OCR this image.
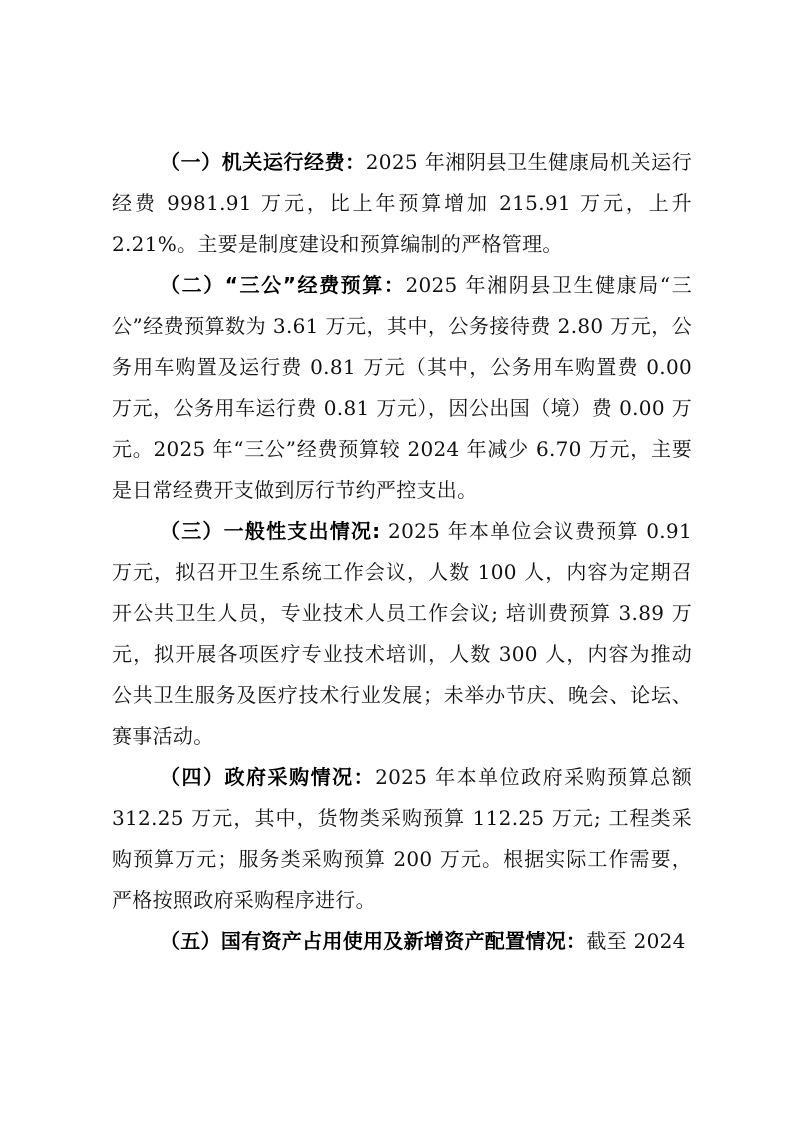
（一）机关运行经费：2025 年湘阴县卫生健康局机关运行经费 9981.91 万元，比上年预算增加 215.91 万元，上升 2.21%。主要是制度建设和预算编制的严格管理。

（二）“三公”经费预算：2025 年湘阴县卫生健康局“三公”经费预算数为 3.61 万元，其中，公务接待费 2.80 万元，公务用车购置及运行费 0.81 万元（其中，公务用车购置费 0.00 万元，公务用车运行费 0.81 万元），因公出国（境）费 0.00 万元。2025 年“三公”经费预算较 2024 年减少 6.70 万元，主要是日常经费开支做到厉行节约严控支出。

（三）一般性支出情况: 2025 年本单位会议费预算 0.91 万元，拟召开卫生系统工作会议，人数 100 人，内容为定期召开公共卫生人员，专业技术人员工作会议; 培训费预算 3.89 万元，拟开展各项医疗专业技术培训，人数 300 人，内容为推动公共卫生服务及医疗技术行业发展；未举办节庆、晚会、论坛、赛事活动。

（四）政府采购情况：2025 年本单位政府采购预算总额 312.25 万元，其中，货物类采购预算 112.25 万元; 工程类采购预算万元；服务类采购预算 200 万元。根据实际工作需要，严格按照政府采购程序进行。

（五）国有资产占用使用及新增资产配置情况：截至 2024
